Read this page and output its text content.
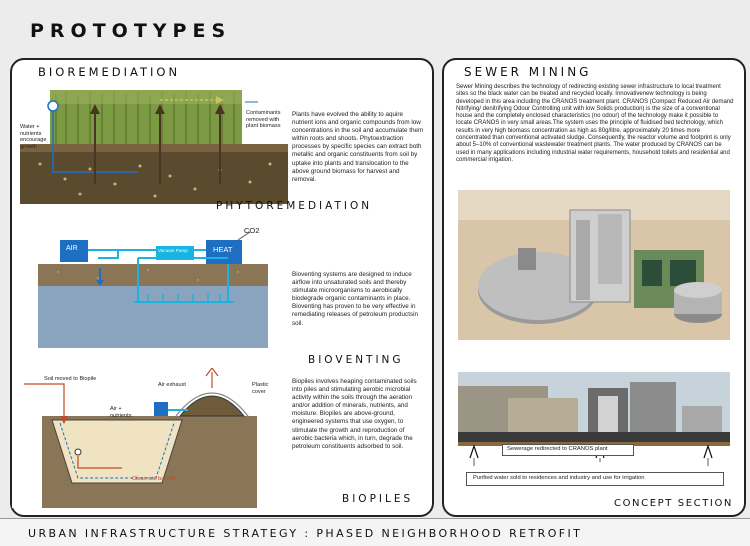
PROTOTYPES
BIOREMEDIATION
Water + nutrients encourage growth
Contaminants removed with plant biomass
Plants have evolved the ability to aquire nutrient ions and organic compounds from low concentrations in the soil and accumulate them within roots and shoots. Phytoextraction processes by specific species can extract both metallic and organic constituents from soil by uptake into plants and translocation to the above ground biomass for harvest and removal.
PHYTOREMEDIATION
AIR	Vacuum Pump	HEAT
CO2
Bioventing systems are designed to induce airflow into unsaturated soils and thereby stimulate microorganisms to aerobically biodegrade organic contaminants in place. Bioventing has proven to be very effective in remediating releases of petroleum productsin soil.
BIOVENTING
Air exhaust
Soil moved to Biopile
Plastic cover
Air + nutrients
Clean soil backfill
Biopiles involves heaping contaminated soils into piles and stimulating aerobic microbial activity within the soils through the aeration and/or addition of minerals, nutrients, and moisture. Biopiles are above-ground, engineered systems that use oxygen, to stimulate the growth and reproduction of aerobic bacteria which, in turn, degrade the petroleum constituents adsorbed to soil.
BIOPILES
SEWER MINING
Sewer Mining describes the technology of redirecting existing sewer infrastructure to local treatment sites so the black water can be treated and recycled locally. Innovativenew technology is being developed in this area including the CRANOS treatment plant. CRANOS (Compact Reduced Air demand Nitrifying/ denitrifying Odour Controlling unit with low Solids production) is the size of a conventional house and the completely enclosed characteristics (no odour) of the technology make it possible to locate CRANOS in very small areas.The system uses the principle of fluidised bed technology, which results in very high biomass concentration as high as 80g/litre, approximately 20 times more concentrated than conventional activated sludge. Consequently, the reactor volume and footprint is only about 5–10% of conventional wastewater treatment plants. The water produced by CRANOS can be used in many applications including industrial water requirements, household toilets and residential and commercial irrigation.
Sewerage redirected to CRANOS plant
Purified water sold to residences and industry and use for irrigation
CONCEPT SECTION
URBAN INFRASTRUCTURE STRATEGY : PHASED NEIGHBORHOOD RETROFIT
